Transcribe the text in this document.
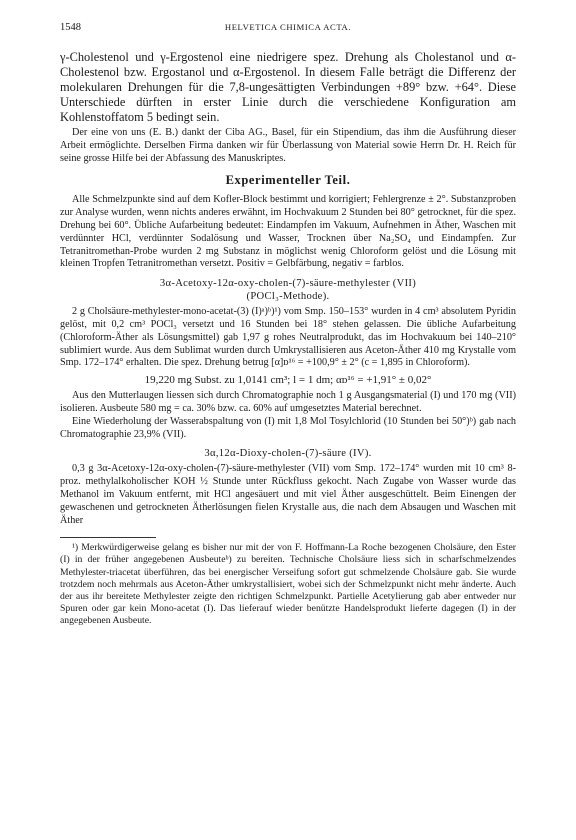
1548	HELVETICA CHIMICA ACTA.

γ-Cholestenol und γ-Ergostenol eine niedrigere spez. Drehung als Cholestanol und α-Cholestenol bzw. Ergostanol und α-Ergostenol. In diesem Falle beträgt die Differenz der molekularen Drehungen für die 7,8-ungesättigten Verbindungen +89° bzw. +64°. Diese Unterschiede dürften in erster Linie durch die verschiedene Konfiguration am Kohlenstoffatom 5 bedingt sein.

Der eine von uns (E. B.) dankt der Ciba AG., Basel, für ein Stipendium, das ihm die Ausführung dieser Arbeit ermöglichte. Derselben Firma danken wir für Überlassung von Material sowie Herrn Dr. H. Reich für seine grosse Hilfe bei der Abfassung des Manuskriptes.

Experimenteller Teil.

Alle Schmelzpunkte sind auf dem Kofler-Block bestimmt und korrigiert; Fehlergrenze ± 2°. Substanzproben zur Analyse wurden, wenn nichts anderes erwähnt, im Hochvakuum 2 Stunden bei 80° getrocknet, für die spez. Drehung bei 60°. Übliche Aufarbeitung bedeutet: Eindampfen im Vakuum, Aufnehmen in Äther, Waschen mit verdünnter HCl, verdünnter Sodalösung und Wasser, Trocknen über Na₂SO₄ und Eindampfen. Zur Tetranitromethan-Probe wurden 2 mg Substanz in möglichst wenig Chloroform gelöst und die Lösung mit kleinen Tropfen Tetranitromethan versetzt. Positiv = Gelbfärbung, negativ = farblos.

3α-Acetoxy-12α-oxy-cholen-(7)-säure-methylester (VII)
(POCl₃-Methode).

2 g Cholsäure-methylester-mono-acetat-(3) (I)ᵃ)ᵇ)¹) vom Smp. 150–153° wurden in 4 cm³ absolutem Pyridin gelöst, mit 0,2 cm³ POCl₃ versetzt und 16 Stunden bei 18° stehen gelassen. Die übliche Aufarbeitung (Chloroform-Äther als Lösungsmittel) gab 1,97 g rohes Neutralprodukt, das im Hochvakuum bei 140–210° sublimiert wurde. Aus dem Sublimat wurden durch Umkrystallisieren aus Aceton-Äther 410 mg Krystalle vom Smp. 172–174° erhalten. Die spez. Drehung betrug [α]ᴅ¹⁶ = +100,9° ± 2° (c = 1,895 in Chloroform).

19,220 mg Subst. zu 1,0141 cm³; l = 1 dm; αᴅ¹⁶ = +1,91° ± 0,02°

Aus den Mutterlaugen liessen sich durch Chromatographie noch 1 g Ausgangsmaterial (I) und 170 mg (VII) isolieren. Ausbeute 580 mg = ca. 30% bzw. ca. 60% auf umgesetztes Material berechnet.

Eine Wiederholung der Wasserabspaltung von (I) mit 1,8 Mol Tosylchlorid (10 Stunden bei 50°)ᵇ) gab nach Chromatographie 23,9% (VII).

3α,12α-Dioxy-cholen-(7)-säure (IV).

0,3 g 3α-Acetoxy-12α-oxy-cholen-(7)-säure-methylester (VII) vom Smp. 172–174° wurden mit 10 cm³ 8-proz. methylalkoholischer KOH ½ Stunde unter Rückfluss gekocht. Nach Zugabe von Wasser wurde das Methanol im Vakuum entfernt, mit HCl angesäuert und mit viel Äther ausgeschüttelt. Beim Einengen der gewaschenen und getrockneten Ätherlösungen fielen Krystalle aus, die nach dem Absaugen und Waschen mit Äther

¹) Merkwürdigerweise gelang es bisher nur mit der von F. Hoffmann-La Roche bezogenen Cholsäure, den Ester (I) in der früher angegebenen Ausbeuteᵇ) zu bereiten. Technische Cholsäure liess sich in scharfschmelzendes Methylester-triacetat überführen, das bei energischer Verseifung sofort gut schmelzende Cholsäure gab. Sie wurde trotzdem noch mehrmals aus Aceton-Äther umkrystallisiert, wobei sich der Schmelzpunkt nicht mehr änderte. Auch der aus ihr bereitete Methylester zeigte den richtigen Schmelzpunkt. Partielle Acetylierung gab aber entweder nur Spuren oder gar kein Mono-acetat (I). Das lieferauf wieder benützte Handelsprodukt lieferte dagegen (I) in der angegebenen Ausbeute.
